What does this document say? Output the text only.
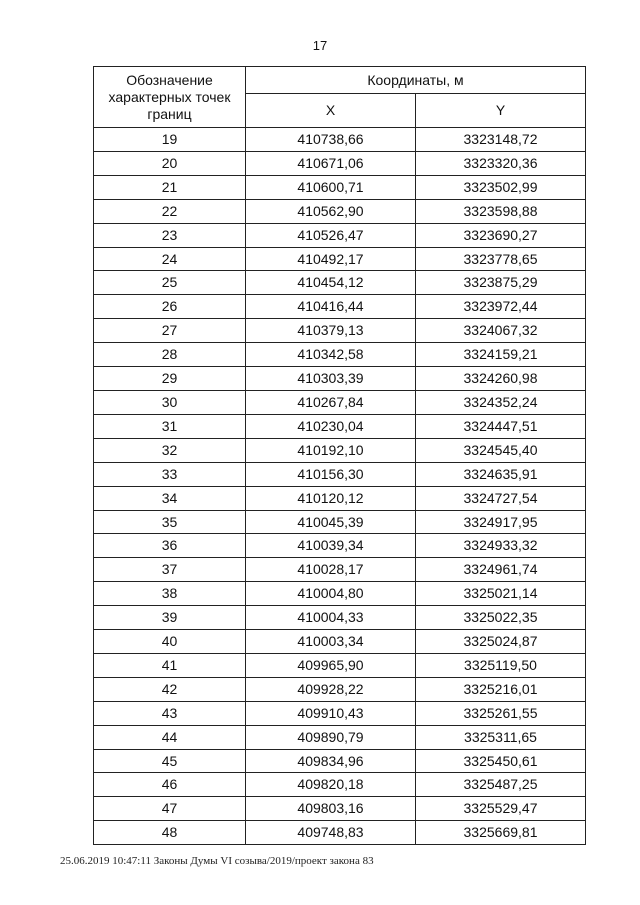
17
Обозначение характерных точек границ	Координаты, м	
	X	Y
19	410738,66	3323148,72
20	410671,06	3323320,36
21	410600,71	3323502,99
22	410562,90	3323598,88
23	410526,47	3323690,27
24	410492,17	3323778,65
25	410454,12	3323875,29
26	410416,44	3323972,44
27	410379,13	3324067,32
28	410342,58	3324159,21
29	410303,39	3324260,98
30	410267,84	3324352,24
31	410230,04	3324447,51
32	410192,10	3324545,40
33	410156,30	3324635,91
34	410120,12	3324727,54
35	410045,39	3324917,95
36	410039,34	3324933,32
37	410028,17	3324961,74
38	410004,80	3325021,14
39	410004,33	3325022,35
40	410003,34	3325024,87
41	409965,90	3325119,50
42	409928,22	3325216,01
43	409910,43	3325261,55
44	409890,79	3325311,65
45	409834,96	3325450,61
46	409820,18	3325487,25
47	409803,16	3325529,47
48	409748,83	3325669,81
25.06.2019 10:47:11 Законы Думы VI созыва/2019/проект закона 83
